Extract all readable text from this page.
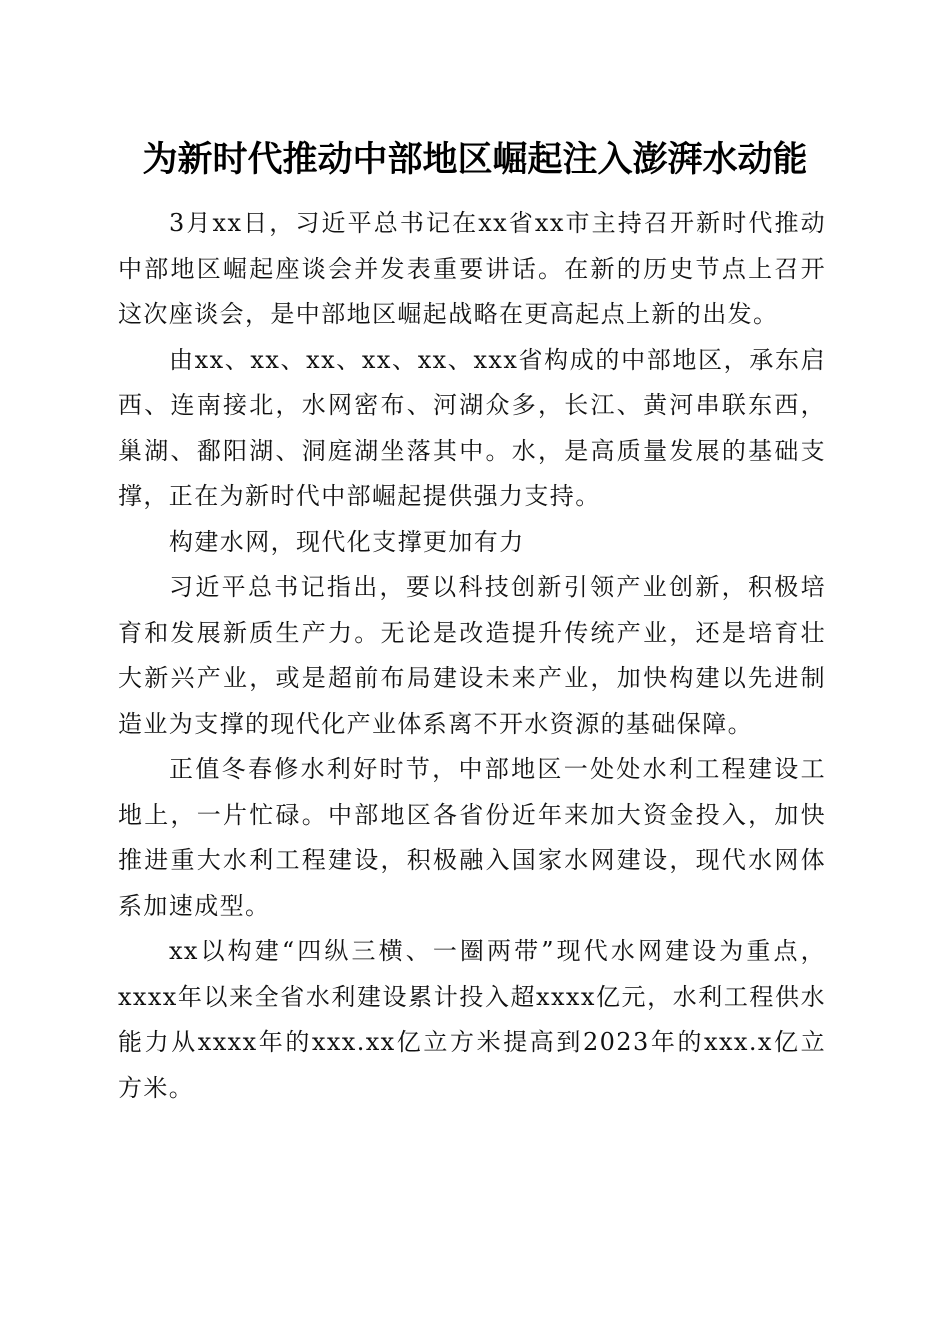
为新时代推动中部地区崛起注入澎湃水动能

3月xx日，习近平总书记在xx省xx市主持召开新时代推动中部地区崛起座谈会并发表重要讲话。在新的历史节点上召开这次座谈会，是中部地区崛起战略在更高起点上新的出发。

由xx、xx、xx、xx、xx、xxx省构成的中部地区，承东启西、连南接北，水网密布、河湖众多，长江、黄河串联东西，巢湖、鄱阳湖、洞庭湖坐落其中。水，是高质量发展的基础支撑，正在为新时代中部崛起提供强力支持。

构建水网，现代化支撑更加有力

习近平总书记指出，要以科技创新引领产业创新，积极培育和发展新质生产力。无论是改造提升传统产业，还是培育壮大新兴产业，或是超前布局建设未来产业，加快构建以先进制造业为支撑的现代化产业体系离不开水资源的基础保障。

正值冬春修水利好时节，中部地区一处处水利工程建设工地上，一片忙碌。中部地区各省份近年来加大资金投入，加快推进重大水利工程建设，积极融入国家水网建设，现代水网体系加速成型。

xx以构建“四纵三横、一圈两带”现代水网建设为重点，xxxx年以来全省水利建设累计投入超xxxx亿元，水利工程供水能力从xxxx年的xxx.xx亿立方米提高到2023年的xxx.x亿立方米。
